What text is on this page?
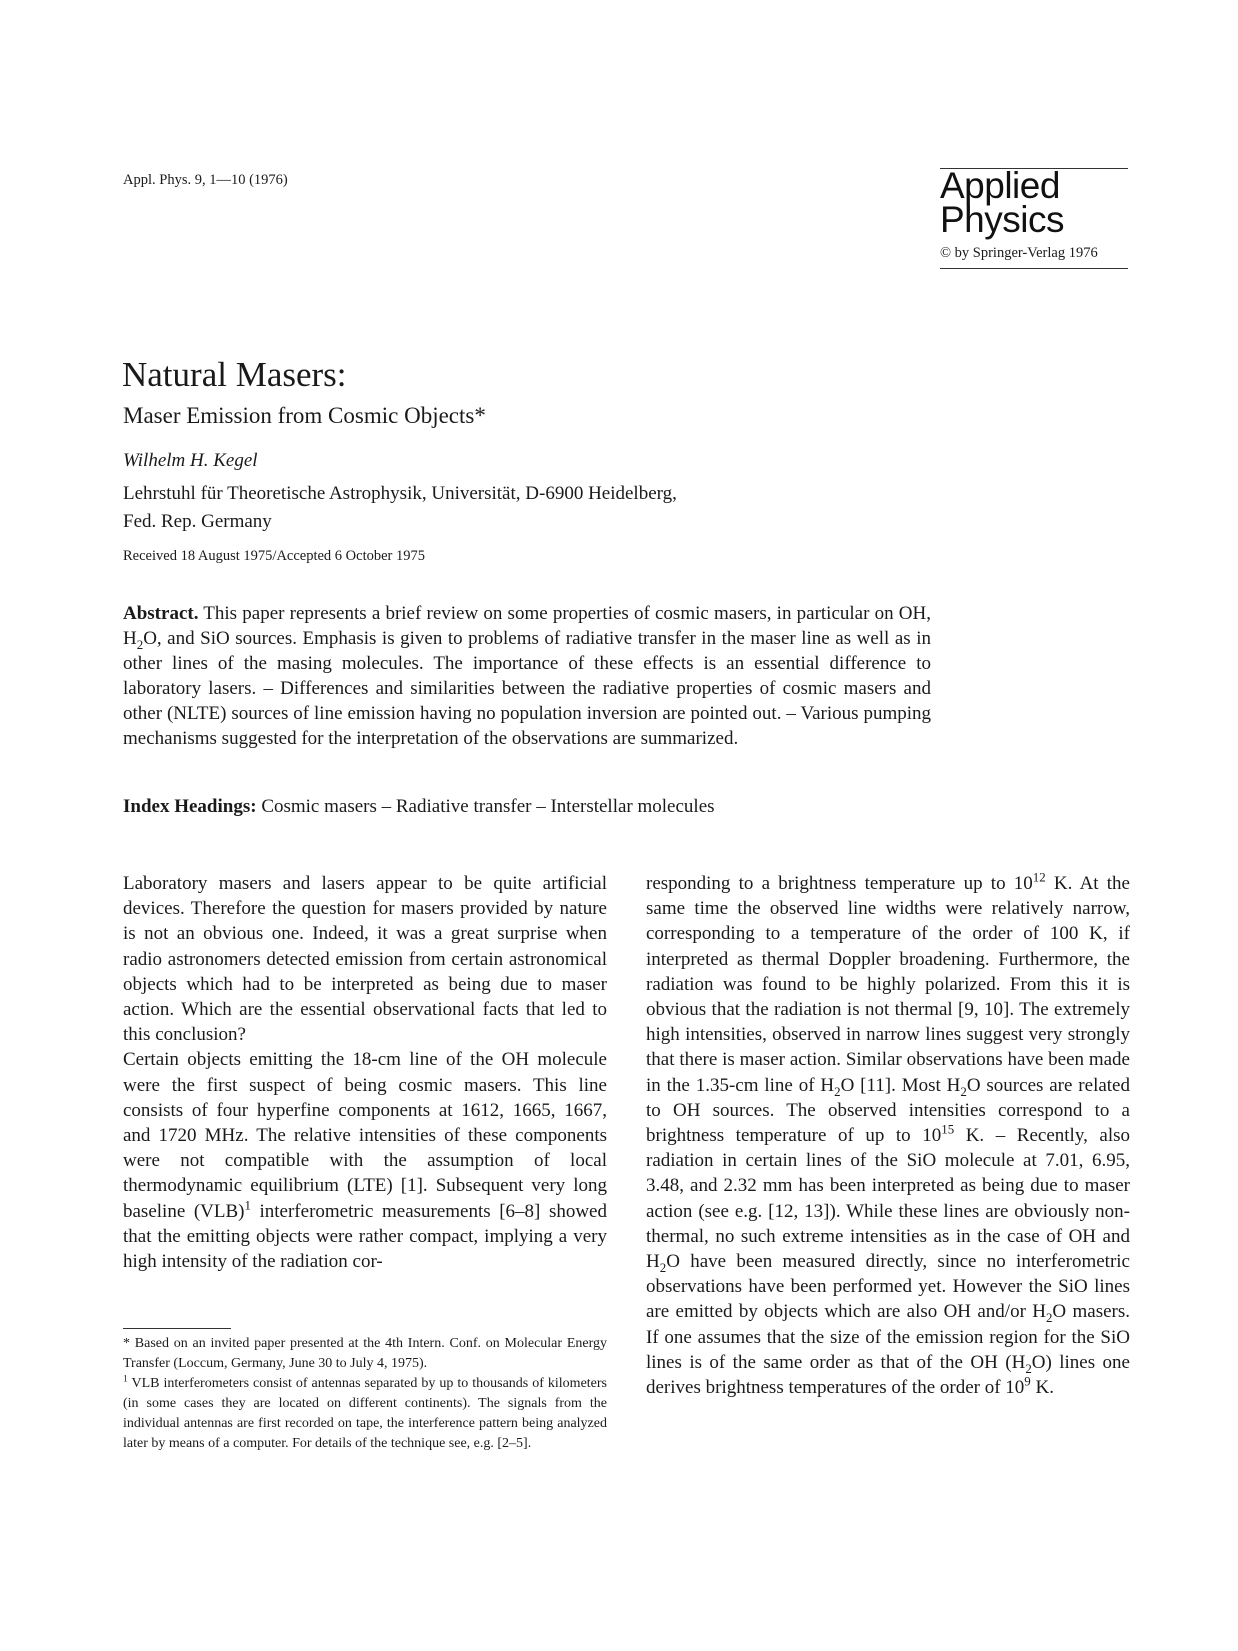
Appl. Phys. 9, 1—10 (1976)	Applied
Physics
© by Springer-Verlag 1976
Natural Masers:
Maser Emission from Cosmic Objects*
Wilhelm H. Kegel
Lehrstuhl für Theoretische Astrophysik, Universität, D-6900 Heidelberg,
Fed. Rep. Germany
Received 18 August 1975/Accepted 6 October 1975
Abstract. This paper represents a brief review on some properties of cosmic masers, in particular on OH, $H_2O$, and SiO sources. Emphasis is given to problems of radiative transfer in the maser line as well as in other lines of the masing molecules. The importance of these effects is an essential difference to laboratory lasers. – Differences and similarities between the radiative properties of cosmic masers and other (NLTE) sources of line emission having no population inversion are pointed out. – Various pumping mechanisms suggested for the interpretation of the observations are summarized.
Index Headings: Cosmic masers – Radiative transfer – Interstellar molecules

Laboratory masers and lasers appear to be quite artificial devices. Therefore the question for masers provided by nature is not an obvious one. Indeed, it was a great surprise when radio astronomers detected emission from certain astronomical objects which had to be interpreted as being due to maser action. Which are the essential observational facts that led to this conclusion?

Certain objects emitting the 18-cm line of the OH molecule were the first suspect of being cosmic masers. This line consists of four hyperfine components at 1612, 1665, 1667, and 1720 MHz. The relative intensities of these components were not compatible with the assumption of local thermodynamic equilibrium (LTE) [1]. Subsequent very long baseline (VLB)$^1$ interferometric measurements [6–8] showed that the emitting objects were rather compact, implying a very high intensity of the radiation cor-

* Based on an invited paper presented at the 4th Intern. Conf. on Molecular Energy Transfer (Loccum, Germany, June 30 to July 4, 1975).

$^1$ VLB interferometers consist of antennas separated by up to thousands of kilometers (in some cases they are located on different continents). The signals from the individual antennas are first recorded on tape, the interference pattern being analyzed later by means of a computer. For details of the technique see, e.g. [2–5].

responding to a brightness temperature up to $10^{12}$ K. At the same time the observed line widths were relatively narrow, corresponding to a temperature of the order of 100 K, if interpreted as thermal Doppler broadening. Furthermore, the radiation was found to be highly polarized. From this it is obvious that the radiation is not thermal [9, 10]. The extremely high intensities, observed in narrow lines suggest very strongly that there is maser action. Similar observations have been made in the 1.35-cm line of $H_2O$ [11]. Most $H_2O$ sources are related to OH sources. The observed intensities correspond to a brightness temperature of up to $10^{15}$ K. – Recently, also radiation in certain lines of the SiO molecule at 7.01, 6.95, 3.48, and 2.32 mm has been interpreted as being due to maser action (see e.g. [12, 13]). While these lines are obviously non-thermal, no such extreme intensities as in the case of OH and $H_2O$ have been measured directly, since no interferometric observations have been performed yet. However the SiO lines are emitted by objects which are also OH and/or $H_2O$ masers. If one assumes that the size of the emission region for the SiO lines is of the same order as that of the OH $(H_2O)$ lines one derives brightness temperatures of the order of $10^9$ K.
